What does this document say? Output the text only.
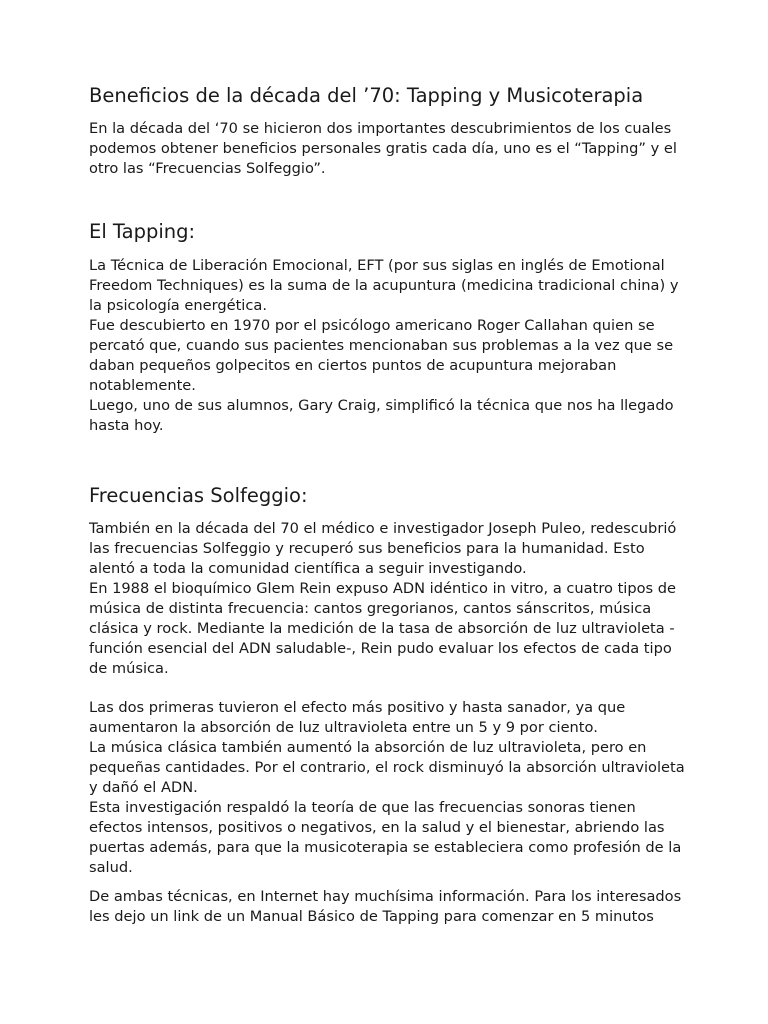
Beneficios de la década del ’70: Tapping y Musicoterapia

En la década del ‘70 se hicieron dos importantes descubrimientos de los cuales

podemos obtener beneficios personales gratis cada día, uno es el “Tapping” y el

otro las “Frecuencias Solfeggio”.

El Tapping:

La Técnica de Liberación Emocional, EFT (por sus siglas en inglés de Emotional

Freedom Techniques) es la suma de la acupuntura (medicina tradicional china) y

la psicología energética.

Fue descubierto en 1970 por el psicólogo americano Roger Callahan quien se

percató que, cuando sus pacientes mencionaban sus problemas a la vez que se

daban pequeños golpecitos en ciertos puntos de acupuntura mejoraban

notablemente.

Luego, uno de sus alumnos, Gary Craig, simplificó la técnica que nos ha llegado

hasta hoy.

Frecuencias Solfeggio:

También en la década del 70 el médico e investigador Joseph Puleo, redescubrió

las frecuencias Solfeggio y recuperó sus beneficios para la humanidad. Esto

alentó a toda la comunidad científica a seguir investigando.

En 1988 el bioquímico Glem Rein expuso ADN idéntico in vitro, a cuatro tipos de

música de distinta frecuencia: cantos gregorianos, cantos sánscritos, música

clásica y rock. Mediante la medición de la tasa de absorción de luz ultravioleta -

función esencial del ADN saludable-, Rein pudo evaluar los efectos de cada tipo

de música.

Las dos primeras tuvieron el efecto más positivo y hasta sanador, ya que

aumentaron la absorción de luz ultravioleta entre un 5 y 9 por ciento.

La música clásica también aumentó la absorción de luz ultravioleta, pero en

pequeñas cantidades. Por el contrario, el rock disminuyó la absorción ultravioleta

y dañó el ADN.

Esta investigación respaldó la teoría de que las frecuencias sonoras tienen

efectos intensos, positivos o negativos, en la salud y el bienestar, abriendo las

puertas además, para que la musicoterapia se estableciera como profesión de la

salud.

De ambas técnicas, en Internet hay muchísima información. Para los interesados

les dejo un link de un Manual Básico de Tapping para comenzar en 5 minutos
